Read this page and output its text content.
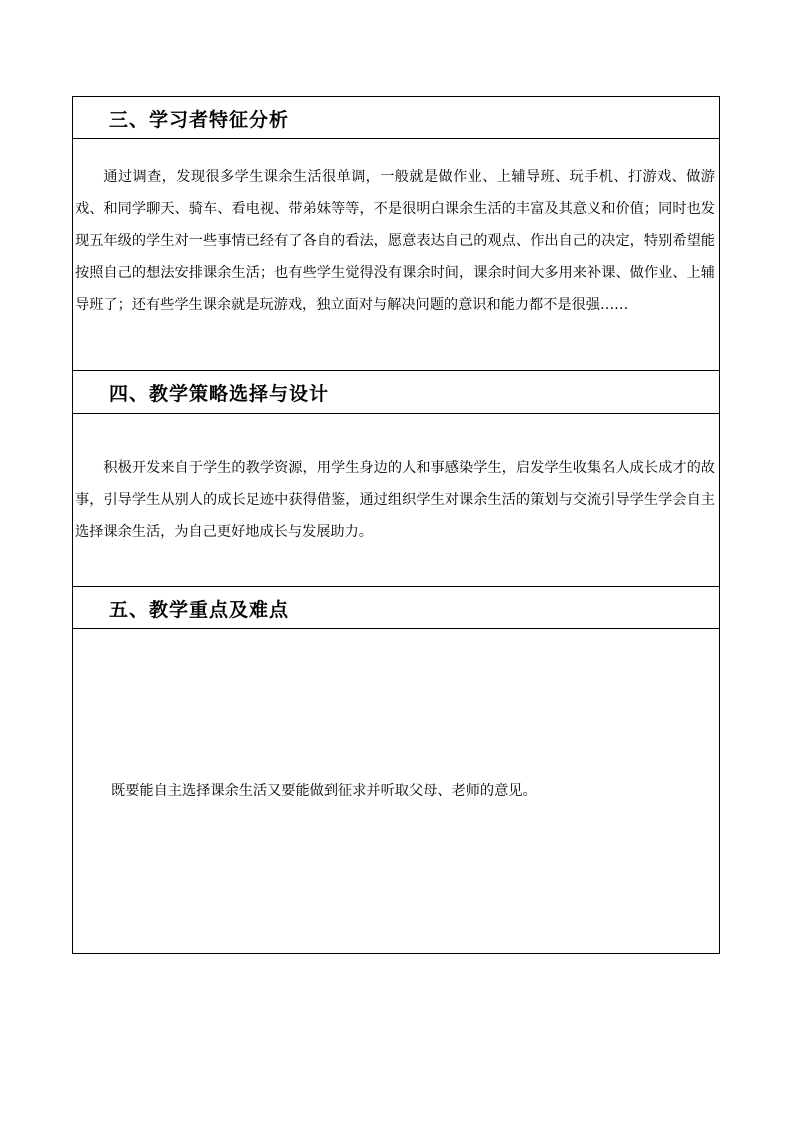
三、学习者特征分析
通过调查，发现很多学生课余生活很单调，一般就是做作业、上辅导班、玩手机、打游戏、做游戏、和同学聊天、骑车、看电视、带弟妹等等，不是很明白课余生活的丰富及其意义和价值；同时也发现五年级的学生对一些事情已经有了各自的看法，愿意表达自己的观点、作出自己的决定，特别希望能按照自己的想法安排课余生活；也有些学生觉得没有课余时间，课余时间大多用来补课、做作业、上辅导班了；还有些学生课余就是玩游戏，独立面对与解决问题的意识和能力都不是很强……
四、教学策略选择与设计
积极开发来自于学生的教学资源，用学生身边的人和事感染学生，启发学生收集名人成长成才的故事，引导学生从别人的成长足迹中获得借鉴，通过组织学生对课余生活的策划与交流引导学生学会自主选择课余生活，为自己更好地成长与发展助力。
五、教学重点及难点
既要能自主选择课余生活又要能做到征求并听取父母、老师的意见。
